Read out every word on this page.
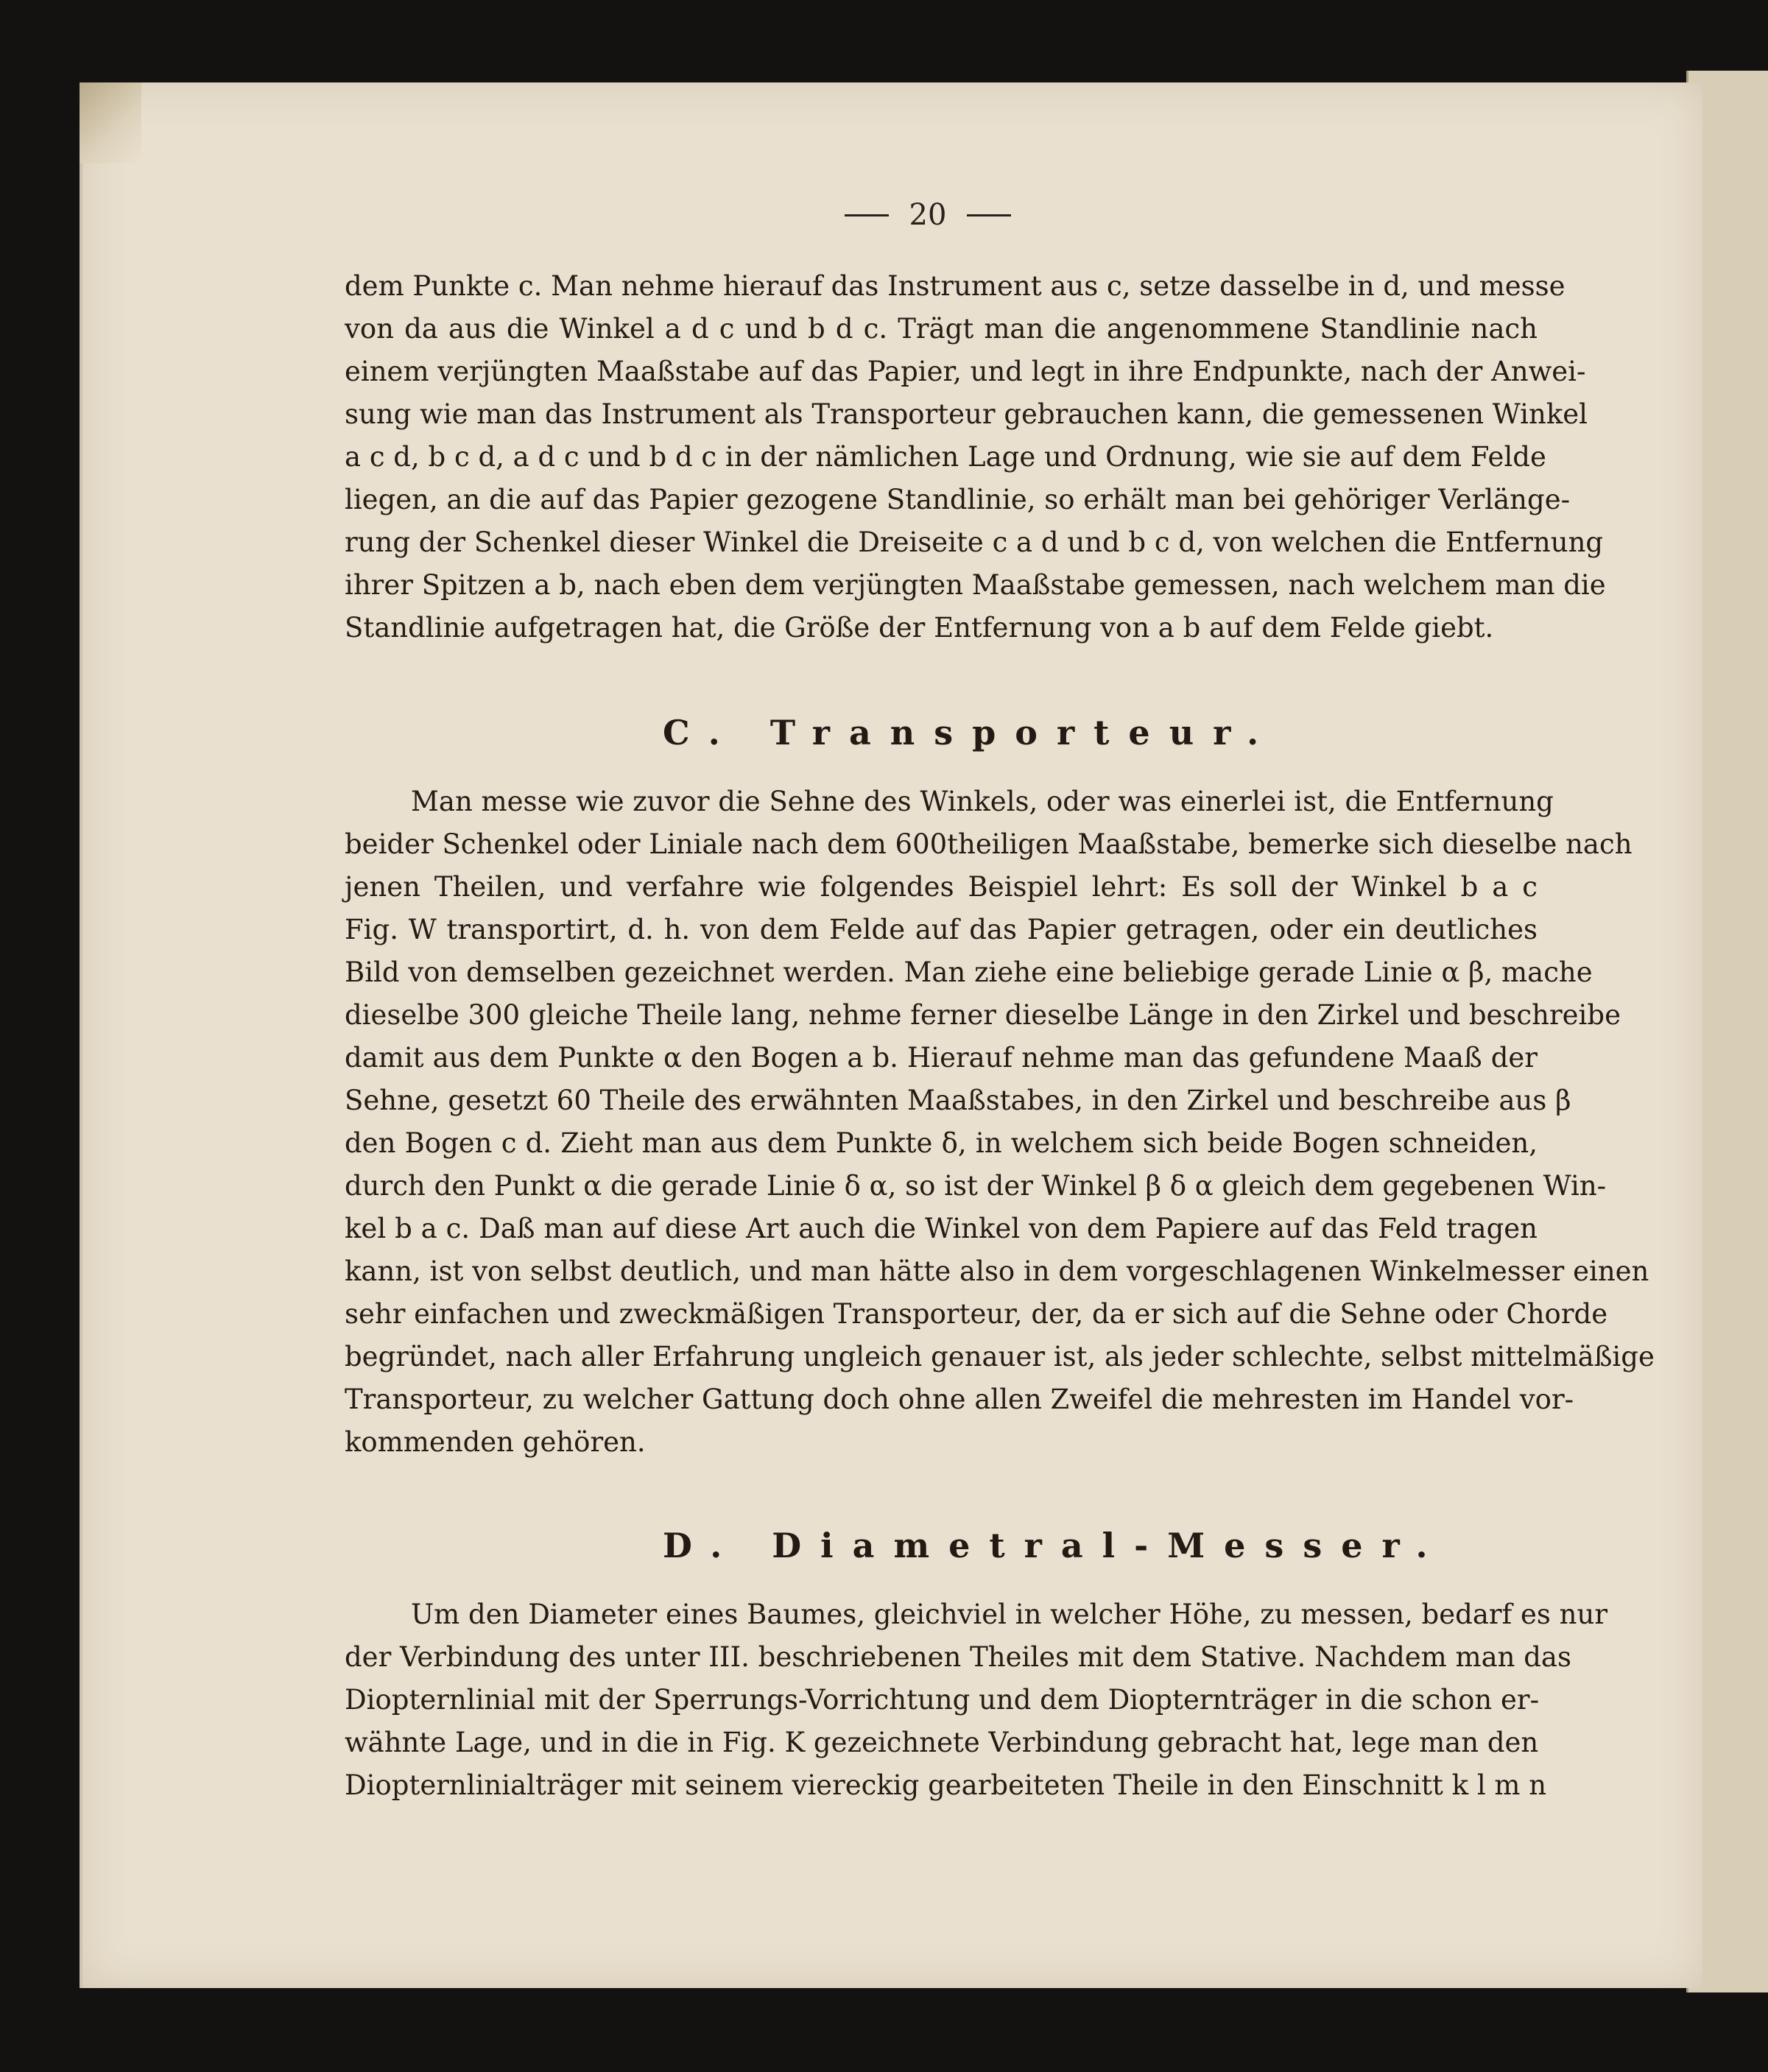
20
dem Punkte c. Man nehme hierauf das Instrument aus c, setze dasselbe in d, und messe
von da aus die Winkel a d c und b d c. Trägt man die angenommene Standlinie nach
einem verjüngten Maaßstabe auf das Papier, und legt in ihre Endpunkte, nach der Anwei-
sung wie man das Instrument als Transporteur gebrauchen kann, die gemessenen Winkel
a c d, b c d, a d c und b d c in der nämlichen Lage und Ordnung, wie sie auf dem Felde
liegen, an die auf das Papier gezogene Standlinie, so erhält man bei gehöriger Verlänge-
rung der Schenkel dieser Winkel die Dreiseite c a d und b c d, von welchen die Entfernung
ihrer Spitzen a b, nach eben dem verjüngten Maaßstabe gemessen, nach welchem man die
Standlinie aufgetragen hat, die Größe der Entfernung von a b auf dem Felde giebt.
C. Transporteur.
Man messe wie zuvor die Sehne des Winkels, oder was einerlei ist, die Entfernung
beider Schenkel oder Liniale nach dem 600theiligen Maaßstabe, bemerke sich dieselbe nach
jenen Theilen, und verfahre wie folgendes Beispiel lehrt: Es soll der Winkel b a c
Fig. W transportirt, d. h. von dem Felde auf das Papier getragen, oder ein deutliches
Bild von demselben gezeichnet werden. Man ziehe eine beliebige gerade Linie α β, mache
dieselbe 300 gleiche Theile lang, nehme ferner dieselbe Länge in den Zirkel und beschreibe
damit aus dem Punkte α den Bogen a b. Hierauf nehme man das gefundene Maaß der
Sehne, gesetzt 60 Theile des erwähnten Maaßstabes, in den Zirkel und beschreibe aus β
den Bogen c d. Zieht man aus dem Punkte δ, in welchem sich beide Bogen schneiden,
durch den Punkt α die gerade Linie δ α, so ist der Winkel β δ α gleich dem gegebenen Win-
kel b a c. Daß man auf diese Art auch die Winkel von dem Papiere auf das Feld tragen
kann, ist von selbst deutlich, und man hätte also in dem vorgeschlagenen Winkelmesser einen
sehr einfachen und zweckmäßigen Transporteur, der, da er sich auf die Sehne oder Chorde
begründet, nach aller Erfahrung ungleich genauer ist, als jeder schlechte, selbst mittelmäßige
Transporteur, zu welcher Gattung doch ohne allen Zweifel die mehresten im Handel vor-
kommenden gehören.
D. Diametral-Messer.
Um den Diameter eines Baumes, gleichviel in welcher Höhe, zu messen, bedarf es nur
der Verbindung des unter III. beschriebenen Theiles mit dem Stative. Nachdem man das
Diopternlinial mit der Sperrungs-Vorrichtung und dem Diopternträger in die schon er-
wähnte Lage, und in die in Fig. K gezeichnete Verbindung gebracht hat, lege man den
Diopternlinialträger mit seinem viereckig gearbeiteten Theile in den Einschnitt k l m n
